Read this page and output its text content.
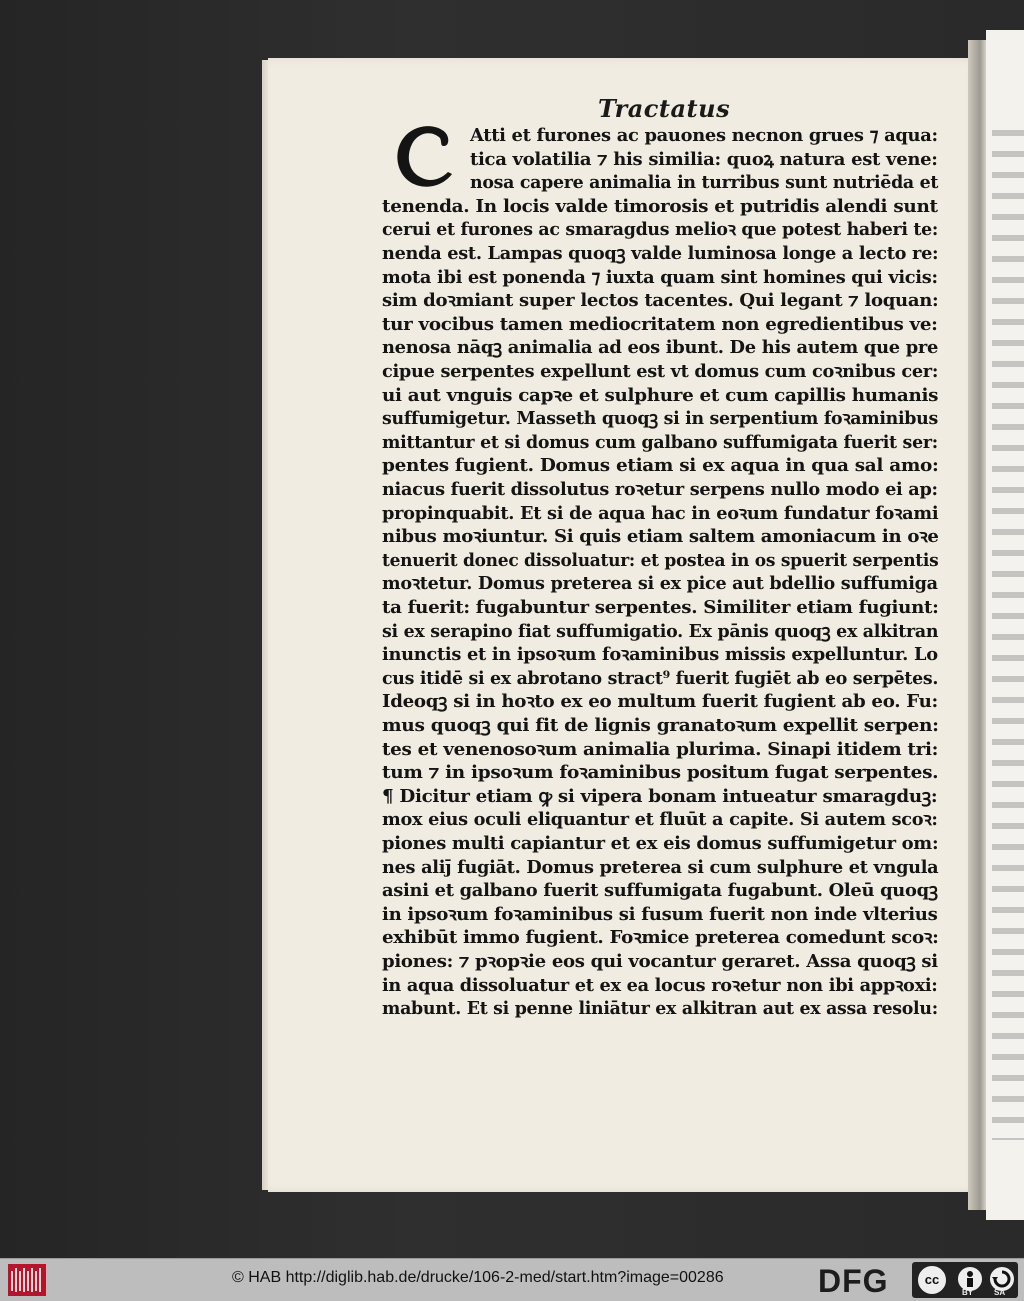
Tractatus
Atti et furones ac pauones necnon grues ⁊ aqua:
tica volatilia ⁊ his similia: quoꝝ natura est vene:
nosa capere animalia in turribus sunt nutriēda et
tenenda. In locis valde timorosis et putridis alendi sunt
cerui et furones ac smaragdus melioꝛ que potest haberi te:
nenda est. Lampas quoqꝫ valde luminosa longe a lecto re:
mota ibi est ponenda ⁊ iuxta quam sint homines qui vicis:
sim doꝛmiant super lectos tacentes. Qui legant ⁊ loquan:
tur vocibus tamen mediocritatem non egredientibus ve:
nenosa nāqꝫ animalia ad eos ibunt. De his autem que pre
cipue serpentes expellunt est vt domus cum coꝛnibus cer:
ui aut vnguis capꝛe et sulphure et cum capillis humanis
suffumigetur. Masseth quoqꝫ si in serpentium foꝛaminibus
mittantur et si domus cum galbano suffumigata fuerit ser:
pentes fugient. Domus etiam si ex aqua in qua sal amo:
niacus fuerit dissolutus roꝛetur serpens nullo modo ei ap:
propinquabit. Et si de aqua hac in eoꝛum fundatur foꝛami
nibus moꝛiuntur. Si quis etiam saltem amoniacum in oꝛe
tenuerit donec dissoluatur: et postea in os spuerit serpentis
moꝛtetur. Domus preterea si ex pice aut bdellio suffumiga
ta fuerit: fugabuntur serpentes. Similiter etiam fugiunt:
si ex serapino fiat suffumigatio. Ex pānis quoqꝫ ex alkitran
inunctis et in ipsoꝛum foꝛaminibus missis expelluntur. Lo
cus itidē si ex abrotano stract⁹ fuerit fugiēt ab eo serpētes.
Ideoqꝫ si in hoꝛto ex eo multum fuerit fugient ab eo. Fu:
mus quoqꝫ qui fit de lignis granatoꝛum expellit serpen:
tes et venenosoꝛum animalia plurima. Sinapi itidem tri:
tum ⁊ in ipsoꝛum foꝛaminibus positum fugat serpentes.
¶ Dicitur etiam ꝙ si vipera bonam intueatur smaragduꝫ:
mox eius oculi eliquantur et fluūt a capite. Si autem scoꝛ:
piones multi capiantur et ex eis domus suffumigetur om:
nes aliȷ̄ fugiāt. Domus preterea si cum sulphure et vngula
asini et galbano fuerit suffumigata fugabunt. Oleū quoqꝫ
in ipsoꝛum foꝛaminibus si fusum fuerit non inde vlterius
exhibūt immo fugient. Foꝛmice preterea comedunt scoꝛ:
piones: ⁊ pꝛopꝛie eos qui vocantur geraret. Assa quoqꝫ si
in aqua dissoluatur et ex ea locus roꝛetur non ibi appꝛoxi:
mabunt. Et si penne liniātur ex alkitran aut ex assa resolu:
© HAB http://diglib.hab.de/drucke/106-2-med/start.htm?image=00286	DFG	cc
BY	SA
